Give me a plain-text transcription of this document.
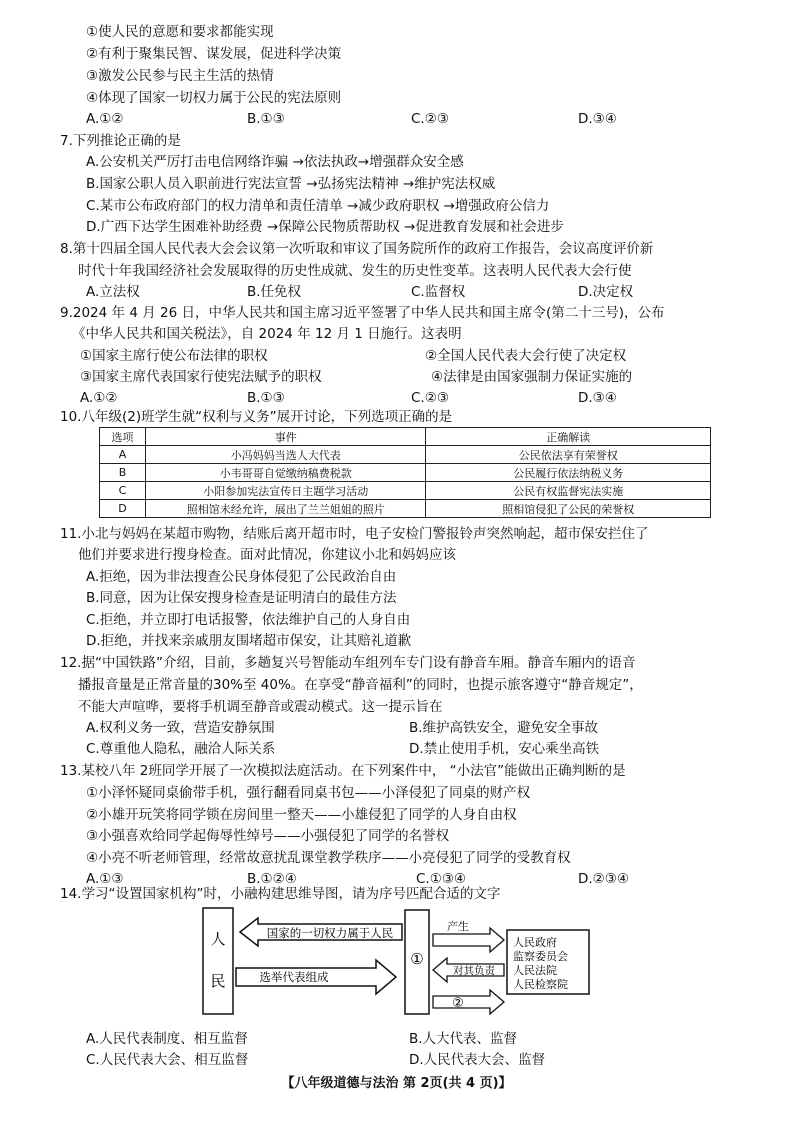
①使人民的意愿和要求都能实现
②有利于聚集民智、谋发展，促进科学决策
③激发公民参与民主生活的热情
④体现了国家一切权力属于公民的宪法原则
A.①②	B.①③	C.②③	D.③④
7.下列推论正确的是
A.公安机关严厉打击电信网络诈骗 →依法执政→增强群众安全感
B.国家公职人员入职前进行宪法宣誓 →弘扬宪法精神 →维护宪法权威
C.某市公布政府部门的权力清单和责任清单 →减少政府职权 →增强政府公信力
D.广西下达学生困难补助经费 →保障公民物质帮助权 →促进教育发展和社会进步
8.第十四届全国人民代表大会会议第一次听取和审议了国务院所作的政府工作报告，会议高度评价新
时代十年我国经济社会发展取得的历史性成就、发生的历史性变革。这表明人民代表大会行使
A.立法权	B.任免权	C.监督权	D.决定权
9.2024 年 4 月 26 日，中华人民共和国主席习近平签署了中华人民共和国主席令(第二十三号)，公布
《中华人民共和国关税法》，自 2024 年 12 月 1 日施行。这表明
①国家主席行使公布法律的职权	②全国人民代表大会行使了决定权
③国家主席代表国家行使宪法赋予的职权	④法律是由国家强制力保证实施的
A.①②	B.①③	C.②③	D.③④
10.八年级(2)班学生就“权利与义务”展开讨论，下列选项正确的是
选项	事件	正确解读
A	小冯妈妈当选人大代表	公民依法享有荣誉权
B	小韦哥哥自觉缴纳稿费税款	公民履行依法纳税义务
C	小阳参加宪法宣传日主题学习活动	公民有权监督宪法实施
D	照相馆未经允许，展出了兰兰姐姐的照片	照相馆侵犯了公民的荣誉权
11.小北与妈妈在某超市购物，结账后离开超市时，电子安检门警报铃声突然响起，超市保安拦住了
他们并要求进行搜身检查。面对此情况，你建议小北和妈妈应该
A.拒绝，因为非法搜查公民身体侵犯了公民政治自由
B.同意，因为让保安搜身检查是证明清白的最佳方法
C.拒绝，并立即打电话报警，依法维护自己的人身自由
D.拒绝，并找来亲戚朋友围堵超市保安，让其赔礼道歉
12.据“中国铁路”介绍，目前，多趟复兴号智能动车组列车专门设有静音车厢。静音车厢内的语音
播报音量是正常音量的30%至 40%。在享受“静音福利”的同时，也提示旅客遵守“静音规定”，
不能大声喧哗，要将手机调至静音或震动模式。这一提示旨在
A.权利义务一致，营造安静氛围	B.维护高铁安全，避免安全事故
C.尊重他人隐私，融洽人际关系	D.禁止使用手机，安心乘坐高铁
13.某校八年 2班同学开展了一次模拟法庭活动。在下列案件中， “小法官”能做出正确判断的是
①小泽怀疑同桌偷带手机，强行翻看同桌书包——小泽侵犯了同桌的财产权
②小雄开玩笑将同学锁在房间里一整天——小雄侵犯了同学的人身自由权
③小强喜欢给同学起侮辱性绰号——小强侵犯了同学的名誉权
④小亮不听老师管理，经常故意扰乱课堂教学秩序——小亮侵犯了同学的受教育权
A.①③	B.①②④	C.①③④	D.②③④
14.学习“设置国家机构”时，小融构建思维导图，请为序号匹配合适的文字
人
民
国家的一切权力属于人民
选举代表组成
①
产生
对其负责
②
人民政府
监察委员会
人民法院
人民检察院
A.人民代表制度、相互监督	B.人大代表、监督
C.人民代表大会、相互监督	D.人民代表大会、监督
【八年级道德与法治 第 2页(共 4 页)】
